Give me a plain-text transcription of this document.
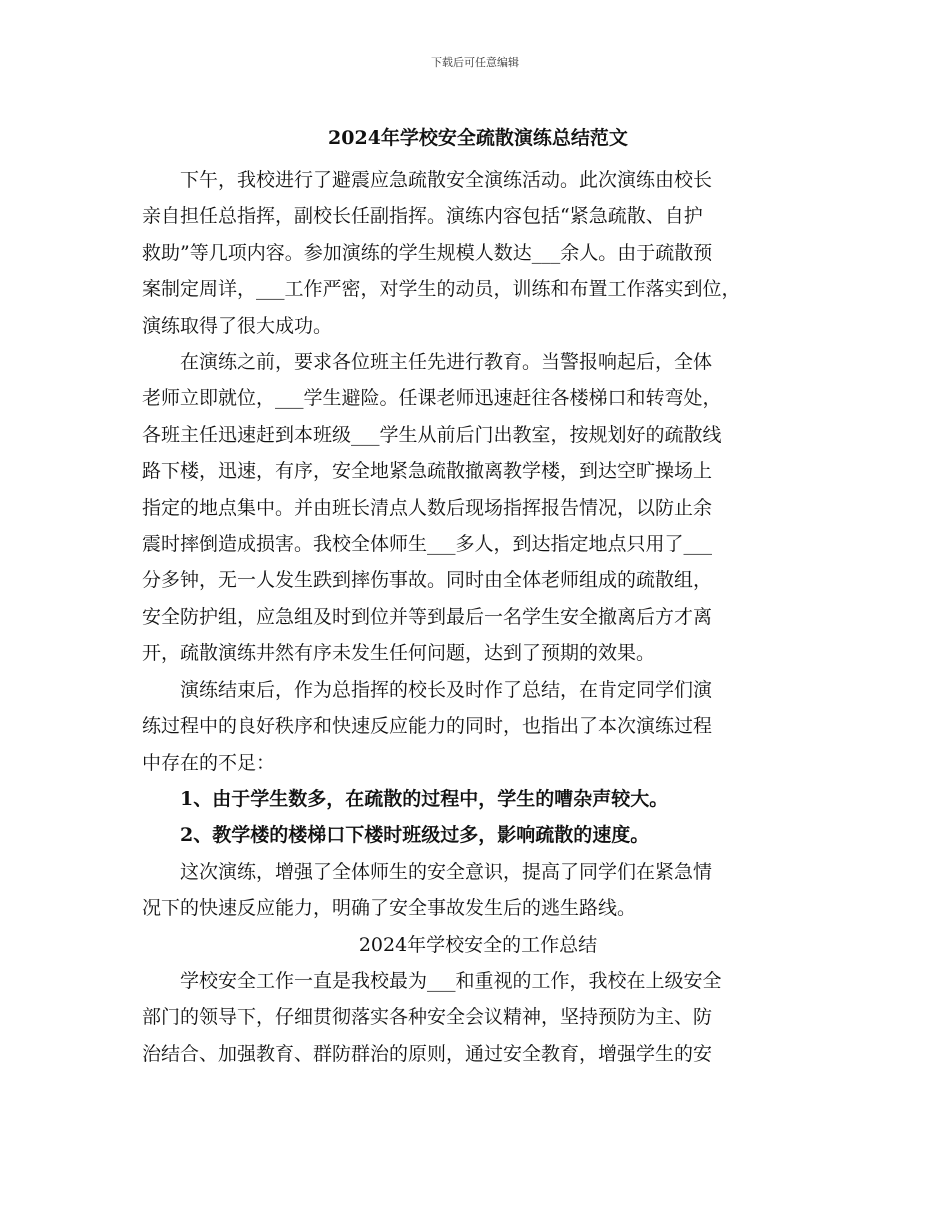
下载后可任意编辑
2024年学校安全疏散演练总结范文

下午，我校进行了避震应急疏散安全演练活动。此次演练由校长
亲自担任总指挥，副校长任副指挥。演练内容包括“紧急疏散、自护
救助”等几项内容。参加演练的学生规模人数达___余人。由于疏散预
案制定周详，___工作严密，对学生的动员，训练和布置工作落实到位，
演练取得了很大成功。

在演练之前，要求各位班主任先进行教育。当警报响起后，全体
老师立即就位，___学生避险。任课老师迅速赶往各楼梯口和转弯处，
各班主任迅速赶到本班级___学生从前后门出教室，按规划好的疏散线
路下楼，迅速，有序，安全地紧急疏散撤离教学楼，到达空旷操场上
指定的地点集中。并由班长清点人数后现场指挥报告情况，以防止余
震时摔倒造成损害。我校全体师生___多人，到达指定地点只用了___
分多钟，无一人发生跌到摔伤事故。同时由全体老师组成的疏散组，
安全防护组，应急组及时到位并等到最后一名学生安全撤离后方才离
开，疏散演练井然有序未发生任何问题，达到了预期的效果。

演练结束后，作为总指挥的校长及时作了总结，在肯定同学们演
练过程中的良好秩序和快速反应能力的同时，也指出了本次演练过程
中存在的不足：

1、由于学生数多，在疏散的过程中，学生的嘈杂声较大。

2、教学楼的楼梯口下楼时班级过多，影响疏散的速度。

这次演练，增强了全体师生的安全意识，提高了同学们在紧急情
况下的快速反应能力，明确了安全事故发生后的逃生路线。

2024年学校安全的工作总结

学校安全工作一直是我校最为___和重视的工作，我校在上级安全
部门的领导下，仔细贯彻落实各种安全会议精神，坚持预防为主、防
治结合、加强教育、群防群治的原则，通过安全教育，增强学生的安
